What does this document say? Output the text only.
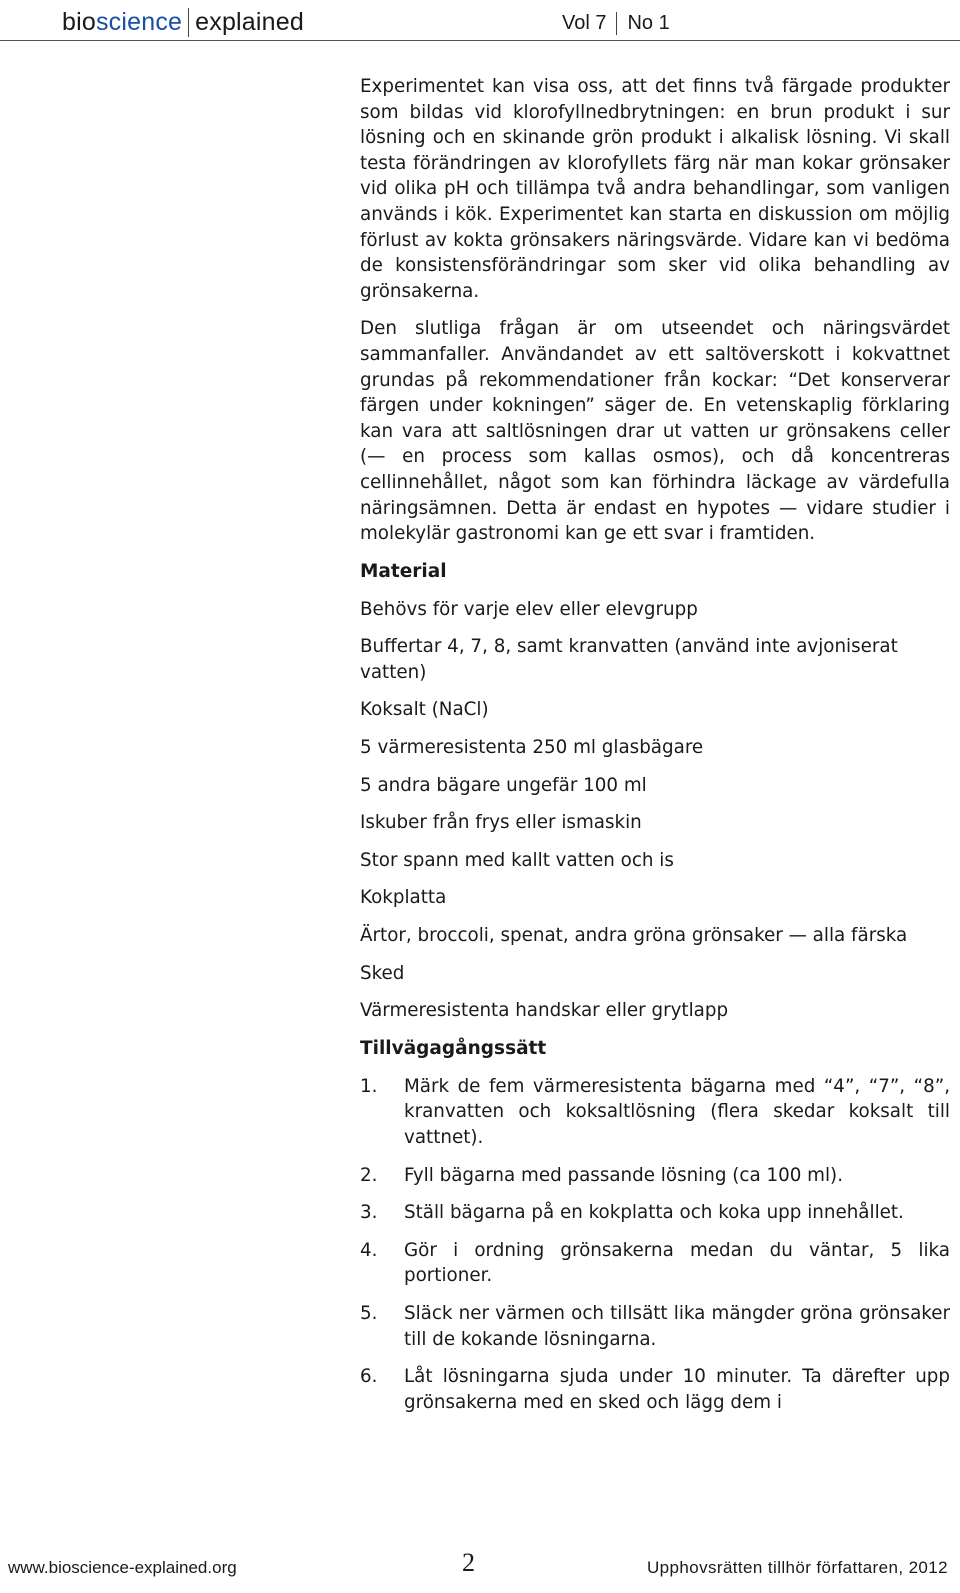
bioscience explained	Vol 7 No 1

Experimentet kan visa oss, att det finns två färgade produkter som bildas vid klorofyllnedbrytningen: en brun produkt i sur lösning och en skinande grön produkt i alkalisk lösning. Vi skall testa förändringen av klorofyllets färg när man kokar grönsaker vid olika pH och tillämpa två andra behandlingar, som vanligen används i kök. Experimentet kan starta en diskussion om möjlig förlust av kokta grönsakers näringsvärde. Vidare kan vi bedöma de konsistensförändringar som sker vid olika behandling av grönsakerna.

Den slutliga frågan är om utseendet och näringsvärdet sammanfaller. Användandet av ett saltöverskott i kokvattnet grundas på rekommendationer från kockar: “Det konserverar färgen under kokningen” säger de. En vetenskaplig förklaring kan vara att saltlösningen drar ut vatten ur grönsakens celler (— en process som kallas osmos), och då koncentreras cellinnehållet, något som kan förhindra läckage av värdefulla näringsämnen. Detta är endast en hypotes — vidare studier i molekylär gastronomi kan ge ett svar i framtiden.

Material
Behövs för varje elev eller elevgrupp
Buffertar 4, 7, 8, samt kranvatten (använd inte avjoniserat vatten)
Koksalt (NaCl)
5 värmeresistenta 250 ml glasbägare
5 andra bägare ungefär 100 ml
Iskuber från frys eller ismaskin
Stor spann med kallt vatten och is
Kokplatta
Ärtor, broccoli, spenat, andra gröna grönsaker — alla färska
Sked
Värmeresistenta handskar eller grytlapp
Tillvägagångssätt
1. Märk de fem värmeresistenta bägarna med “4”, “7”, “8”, kranvatten och koksaltlösning (flera skedar koksalt till vattnet).
2. Fyll bägarna med passande lösning (ca 100 ml).
3. Ställ bägarna på en kokplatta och koka upp innehållet.
4. Gör i ordning grönsakerna medan du väntar, 5 lika portioner.
5. Släck ner värmen och tillsätt lika mängder gröna grönsaker till de kokande lösningarna.
6. Låt lösningarna sjuda under 10 minuter. Ta därefter upp grönsakerna med en sked och lägg dem i
www.bioscience-explained.org	2	Upphovsrätten tillhör författaren, 2012
